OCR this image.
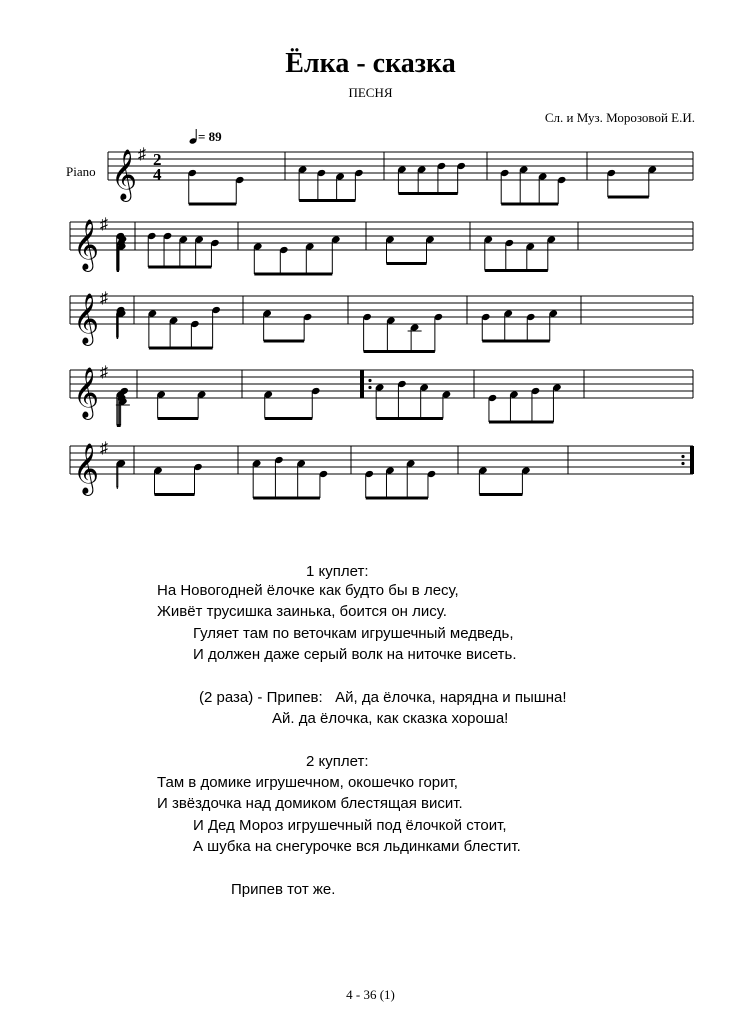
Ёлка - сказка
ПЕСНЯ
Сл. и Муз. Морозовой Е.И.
= 89
Piano 𝄞 ♯ 2
4
𝄞 ♯
𝄞 ♯
𝄞 ♯
𝄞 ♯
1 куплет:
На Новогодней ёлочке как будто бы в лесу,
Живёт трусишка заинька, боится он лису.
Гуляет там по веточкам игрушечный медведь,
И должен даже серый волк на ниточке висеть.
(2 раза) - Припев:   Ай, да ёлочка, нарядна и пышна!
Ай. да ёлочка, как сказка хороша!
2 куплет:
Там в домике игрушечном, окошечко горит,
И звёздочка над домиком блестящая висит.
И Дед Мороз игрушечный под ёлочкой стоит,
А шубка на снегурочке вся льдинками блестит.
Припев тот же.
4 - 36 (1)
